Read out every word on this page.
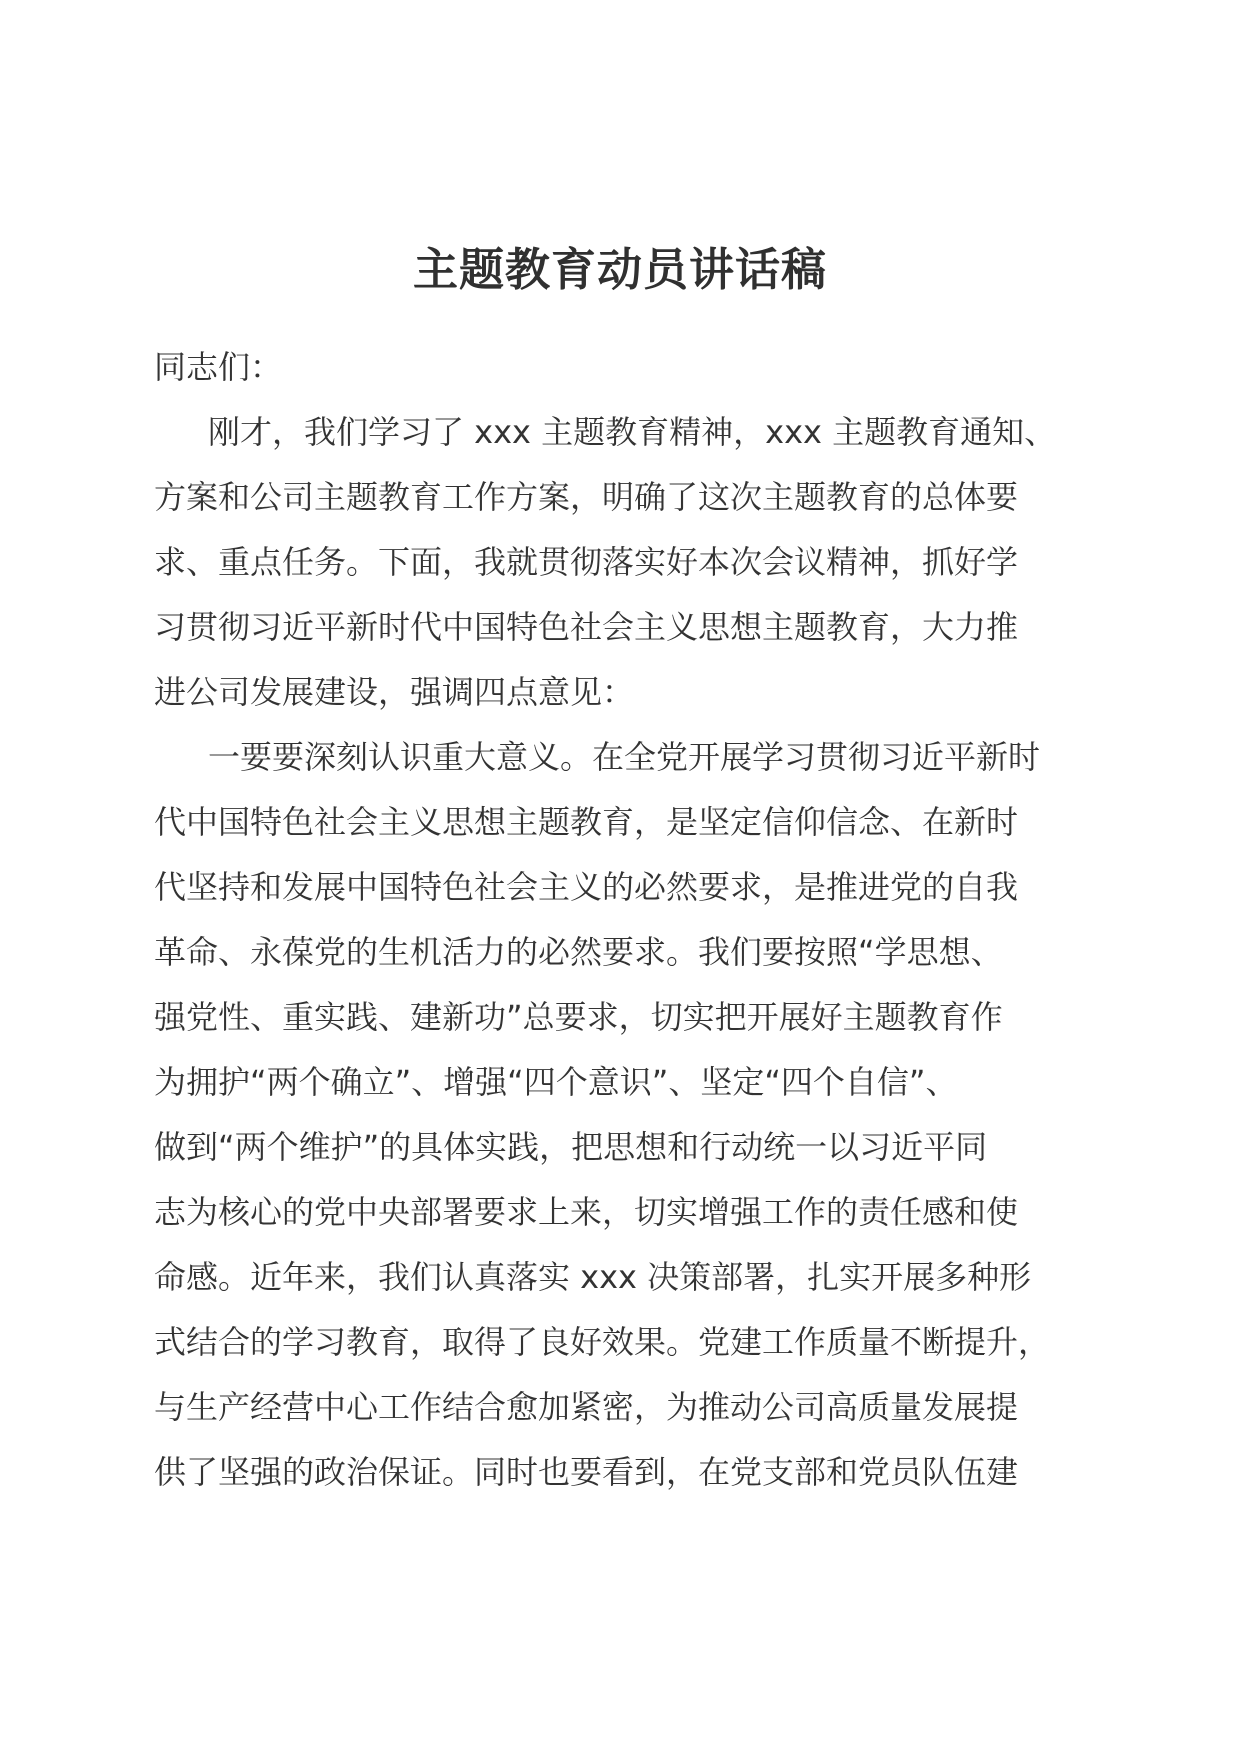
主题教育动员讲话稿
同志们：
刚才，我们学习了 xxx 主题教育精神，xxx 主题教育通知、
方案和公司主题教育工作方案，明确了这次主题教育的总体要
求、重点任务。下面，我就贯彻落实好本次会议精神，抓好学
习贯彻习近平新时代中国特色社会主义思想主题教育，大力推
进公司发展建设，强调四点意见：
一要要深刻认识重大意义。在全党开展学习贯彻习近平新时
代中国特色社会主义思想主题教育，是坚定信仰信念、在新时
代坚持和发展中国特色社会主义的必然要求，是推进党的自我
革命、永葆党的生机活力的必然要求。我们要按照“学思想、
强党性、重实践、建新功”总要求，切实把开展好主题教育作
为拥护“两个确立”、增强“四个意识”、坚定“四个自信”、
做到“两个维护”的具体实践，把思想和行动统一以习近平同
志为核心的党中央部署要求上来，切实增强工作的责任感和使
命感。近年来，我们认真落实 xxx 决策部署，扎实开展多种形
式结合的学习教育，取得了良好效果。党建工作质量不断提升，
与生产经营中心工作结合愈加紧密，为推动公司高质量发展提
供了坚强的政治保证。同时也要看到，在党支部和党员队伍建
